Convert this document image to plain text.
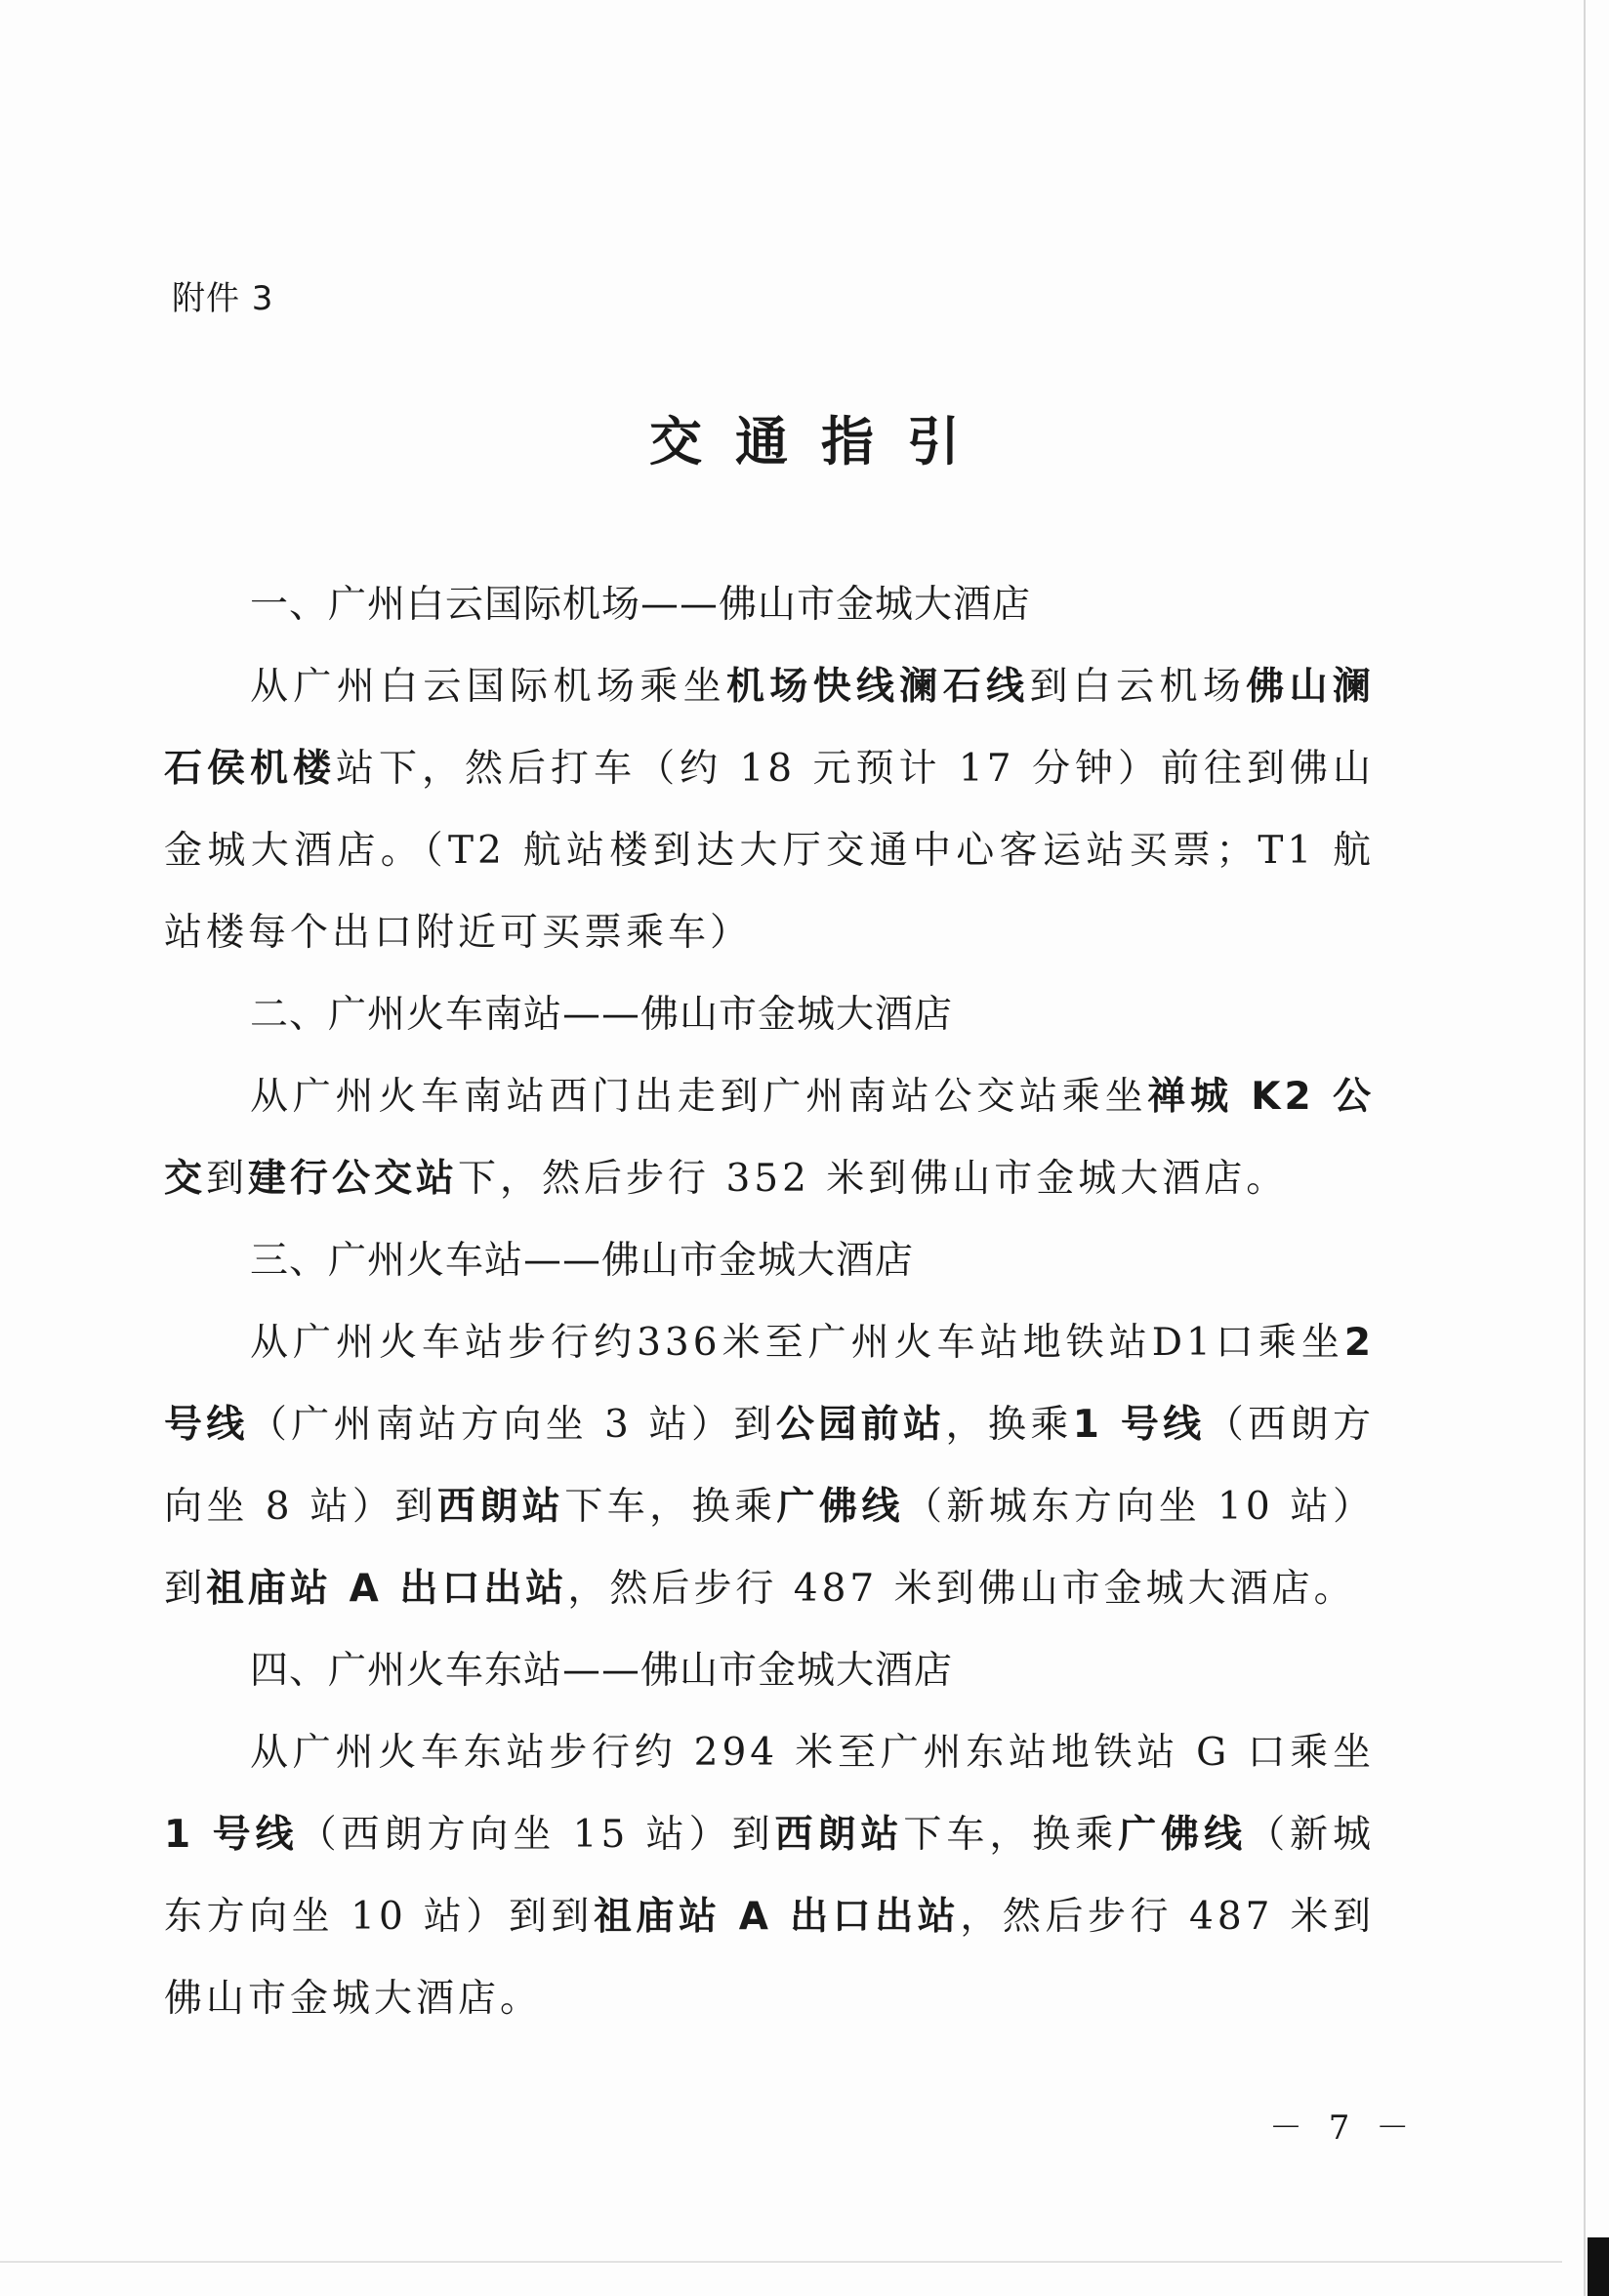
附件 3
交通指引

一、广州白云国际机场——佛山市金城大酒店

从广州白云国际机场乘坐机场快线澜石线到白云机场佛山澜石侯机楼站下，然后打车（约 18 元预计 17 分钟）前往到佛山金城大酒店。（T2 航站楼到达大厅交通中心客运站买票；T1 航站楼每个出口附近可买票乘车）

二、广州火车南站——佛山市金城大酒店

从广州火车南站西门出走到广州南站公交站乘坐禅城 K2 公交到建行公交站下，然后步行 352 米到佛山市金城大酒店。

三、广州火车站——佛山市金城大酒店

从广州火车站步行约336米至广州火车站地铁站D1口乘坐2 号线（广州南站方向坐 3 站）到公园前站，换乘1 号线（西朗方向坐 8 站）到西朗站下车，换乘广佛线（新城东方向坐 10 站）到祖庙站 A 出口出站，然后步行 487 米到佛山市金城大酒店。

四、广州火车东站——佛山市金城大酒店

从广州火车东站步行约 294 米至广州东站地铁站 G 口乘坐1 号线（西朗方向坐 15 站）到西朗站下车，换乘广佛线（新城东方向坐 10 站）到到祖庙站 A 出口出站，然后步行 487 米到佛山市金城大酒店。

－ 7 －
